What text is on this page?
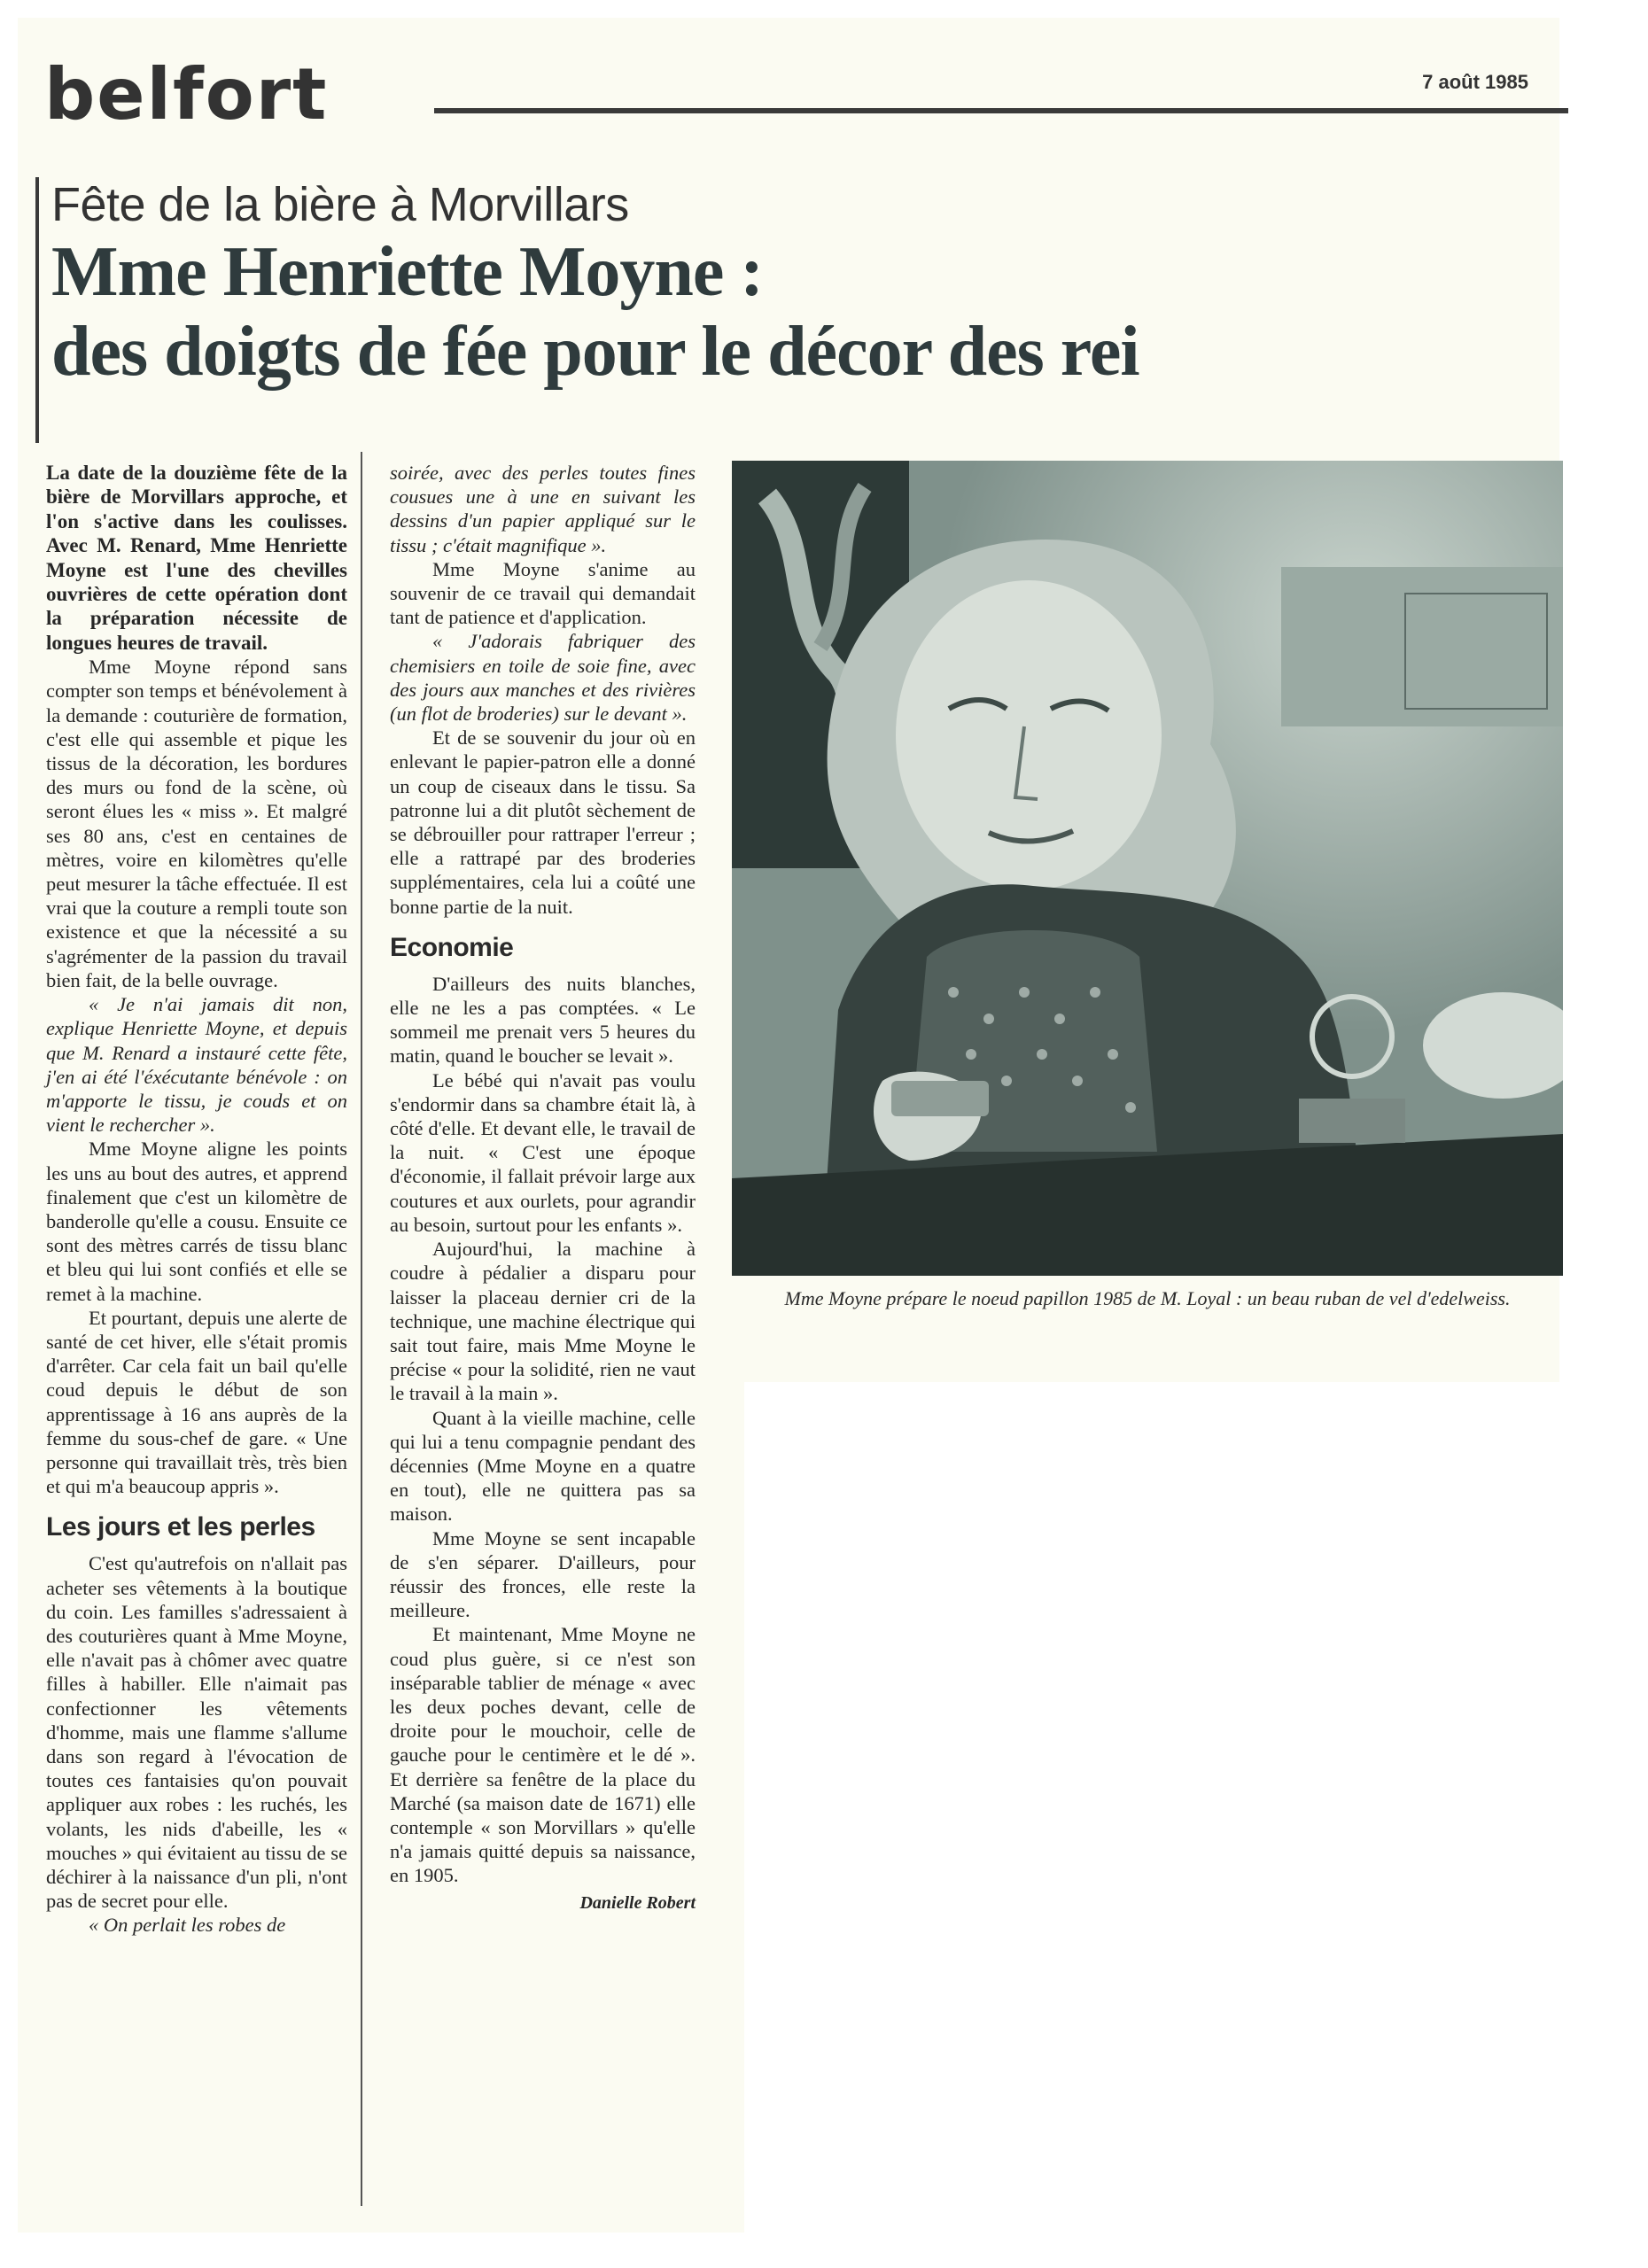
belfort	7 août 1985
Fête de la bière à Morvillars
Mme Henriette Moyne :
des doigts de fée pour le décor des rei

La date de la douzième fête de la bière de Morvillars approche, et l'on s'active dans les coulisses. Avec M. Renard, Mme Henriette Moyne est l'une des chevilles ouvrières de cette opération dont la préparation nécessite de longues heures de travail.

Mme Moyne répond sans compter son temps et bénévolement à la demande : couturière de formation, c'est elle qui assemble et pique les tissus de la décoration, les bordures des murs ou fond de la scène, où seront élues les « miss ». Et malgré ses 80 ans, c'est en centaines de mètres, voire en kilomètres qu'elle peut mesurer la tâche effectuée. Il est vrai que la couture a rempli toute son existence et que la nécessité a su s'agrémenter de la passion du travail bien fait, de la belle ouvrage.

« Je n'ai jamais dit non, explique Henriette Moyne, et depuis que M. Renard a instauré cette fête, j'en ai été l'éxécutante bénévole : on m'apporte le tissu, je couds et on vient le rechercher ».

Mme Moyne aligne les points les uns au bout des autres, et apprend finalement que c'est un kilomètre de banderolle qu'elle a cousu. Ensuite ce sont des mètres carrés de tissu blanc et bleu qui lui sont confiés et elle se remet à la machine.

Et pourtant, depuis une alerte de santé de cet hiver, elle s'était promis d'arrêter. Car cela fait un bail qu'elle coud depuis le début de son apprentissage à 16 ans auprès de la femme du sous-chef de gare. « Une personne qui travaillait très, très bien et qui m'a beaucoup appris ».

Les jours et les perles

C'est qu'autrefois on n'allait pas acheter ses vêtements à la boutique du coin. Les familles s'adressaient à des couturières quant à Mme Moyne, elle n'avait pas à chômer avec quatre filles à habiller. Elle n'aimait pas confectionner les vêtements d'homme, mais une flamme s'allume dans son regard à l'évocation de toutes ces fantaisies qu'on pouvait appliquer aux robes : les ruchés, les volants, les nids d'abeille, les « mouches » qui évitaient au tissu de se déchirer à la naissance d'un pli, n'ont pas de secret pour elle.

« On perlait les robes de

soirée, avec des perles toutes fines cousues une à une en suivant les dessins d'un papier appliqué sur le tissu ; c'était magnifique ».

Mme Moyne s'anime au souvenir de ce travail qui demandait tant de patience et d'application.

« J'adorais fabriquer des chemisiers en toile de soie fine, avec des jours aux manches et des rivières (un flot de broderies) sur le devant ».

Et de se souvenir du jour où en enlevant le papier-patron elle a donné un coup de ciseaux dans le tissu. Sa patronne lui a dit plutôt sèchement de se débrouiller pour rattraper l'erreur ; elle a rattrapé par des broderies supplémentaires, cela lui a coûté une bonne partie de la nuit.

Economie

D'ailleurs des nuits blanches, elle ne les a pas comptées. « Le sommeil me prenait vers 5 heures du matin, quand le boucher se levait ».

Le bébé qui n'avait pas voulu s'endormir dans sa chambre était là, à côté d'elle. Et devant elle, le travail de la nuit. « C'est une époque d'économie, il fallait prévoir large aux coutures et aux ourlets, pour agrandir au besoin, surtout pour les enfants ».

Aujourd'hui, la machine à coudre à pédalier a disparu pour laisser la placeau dernier cri de la technique, une machine électrique qui sait tout faire, mais Mme Moyne le précise « pour la solidité, rien ne vaut le travail à la main ».

Quant à la vieille machine, celle qui lui a tenu compagnie pendant des décennies (Mme Moyne en a quatre en tout), elle ne quittera pas sa maison.

Mme Moyne se sent incapable de s'en séparer. D'ailleurs, pour réussir des fronces, elle reste la meilleure.

Et maintenant, Mme Moyne ne coud plus guère, si ce n'est son inséparable tablier de ménage « avec les deux poches devant, celle de droite pour le mouchoir, celle de gauche pour le centimère et le dé ». Et derrière sa fenêtre de la place du Marché (sa maison date de 1671) elle contemple « son Morvillars » qu'elle n'a jamais quitté depuis sa naissance, en 1905.

Danielle Robert
Mme Moyne prépare le noeud papillon 1985 de M. Loyal : un beau ruban de vel d'edelweiss.
